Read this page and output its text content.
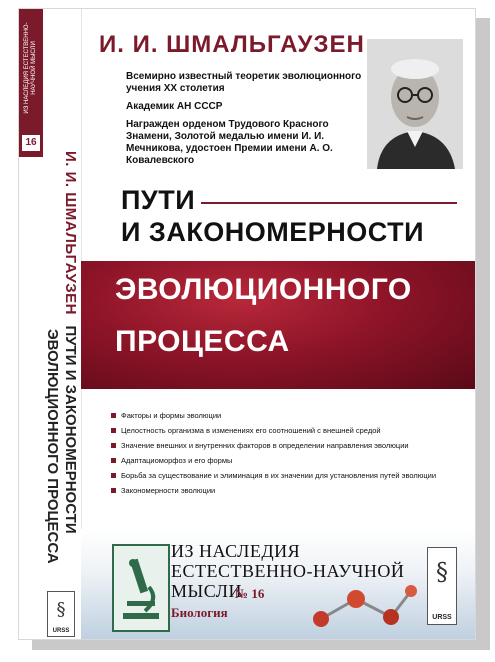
ИЗ НАСЛЕДИЯ ЕСТЕСТВЕННО-НАУЧНОЙ МЫСЛИ
16
И. И. ШМАЛЬГАУЗЕН ПУТИ И ЗАКОНОМЕРНОСТИ
ЭВОЛЮЦИОННОГО ПРОЦЕССА
§
URSS
И. И. ШМАЛЬГАУЗЕН

Всемирно известный теоретик эволюционного учения XX столетия

Академик АН СССР

Награжден орденом Трудового Красного Знамени, Золотой медалью имени И. И. Мечникова, удостоен Премии имени А. О. Ковалевского

ПУТИ
И ЗАКОНОМЕРНОСТИ
ЭВОЛЮЦИОННОГО
ПРОЦЕССА
Факторы и формы эволюции
Целостность организма в изменениях его соотношений с внешней средой
Значение внешних и внутренних факторов в определении направления эволюции
Адаптациоморфоз и его формы
Борьба за существование и элиминация в их значении для установления путей эволюции
Закономерности эволюции
ИЗ НАСЛЕДИЯ
ЕСТЕСТВЕННО-НАУЧНОЙ
МЫСЛИ
№ 16
Биология
§
URSS
